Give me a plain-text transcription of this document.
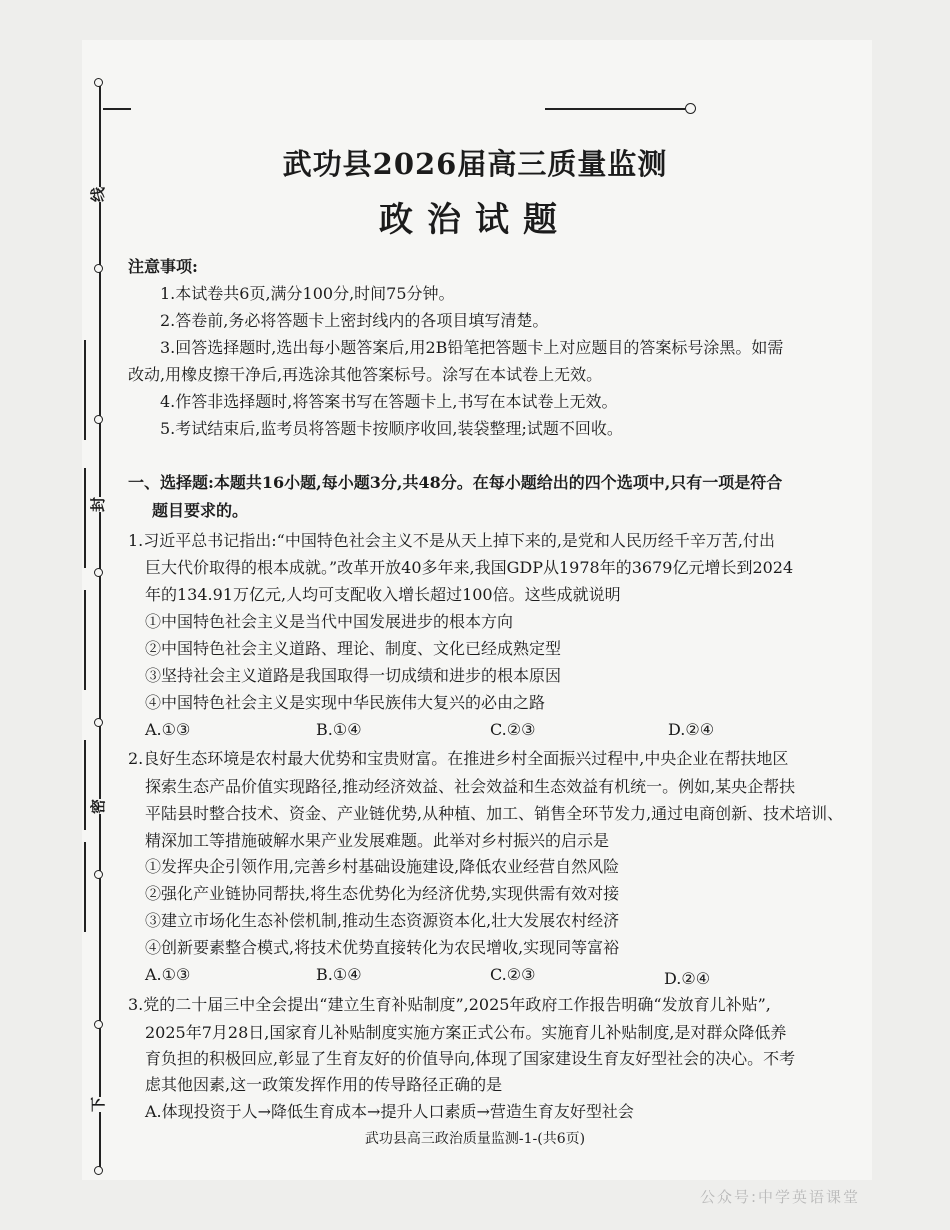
线
封
密
下
武功县2026届高三质量监测
政治试题
注意事项:
1.本试卷共6页,满分100分,时间75分钟。
2.答卷前,务必将答题卡上密封线内的各项目填写清楚。
3.回答选择题时,选出每小题答案后,用2B铅笔把答题卡上对应题目的答案标号涂黑。如需
改动,用橡皮擦干净后,再选涂其他答案标号。涂写在本试卷上无效。
4.作答非选择题时,将答案书写在答题卡上,书写在本试卷上无效。
5.考试结束后,监考员将答题卡按顺序收回,装袋整理;试题不回收。
一、选择题:本题共16小题,每小题3分,共48分。在每小题给出的四个选项中,只有一项是符合
题目要求的。
1.习近平总书记指出:“中国特色社会主义不是从天上掉下来的,是党和人民历经千辛万苦,付出
巨大代价取得的根本成就。”改革开放40多年来,我国GDP从1978年的3679亿元增长到2024
年的134.91万亿元,人均可支配收入增长超过100倍。这些成就说明
①中国特色社会主义是当代中国发展进步的根本方向
②中国特色社会主义道路、理论、制度、文化已经成熟定型
③坚持社会主义道路是我国取得一切成绩和进步的根本原因
④中国特色社会主义是实现中华民族伟大复兴的必由之路
A.①③	B.①④	C.②③	D.②④
2.良好生态环境是农村最大优势和宝贵财富。在推进乡村全面振兴过程中,中央企业在帮扶地区
探索生态产品价值实现路径,推动经济效益、社会效益和生态效益有机统一。例如,某央企帮扶
平陆县时整合技术、资金、产业链优势,从种植、加工、销售全环节发力,通过电商创新、技术培训、
精深加工等措施破解水果产业发展难题。此举对乡村振兴的启示是
①发挥央企引领作用,完善乡村基础设施建设,降低农业经营自然风险
②强化产业链协同帮扶,将生态优势化为经济优势,实现供需有效对接
③建立市场化生态补偿机制,推动生态资源资本化,壮大发展农村经济
④创新要素整合模式,将技术优势直接转化为农民增收,实现同等富裕
A.①③	B.①④	C.②③	D.②④
3.党的二十届三中全会提出“建立生育补贴制度”,2025年政府工作报告明确“发放育儿补贴”,
2025年7月28日,国家育儿补贴制度实施方案正式公布。实施育儿补贴制度,是对群众降低养
育负担的积极回应,彰显了生育友好的价值导向,体现了国家建设生育友好型社会的决心。不考
虑其他因素,这一政策发挥作用的传导路径正确的是
A.体现投资于人→降低生育成本→提升人口素质→营造生育友好型社会
武功县高三政治质量监测-1-(共6页)
公众号:中学英语课堂
